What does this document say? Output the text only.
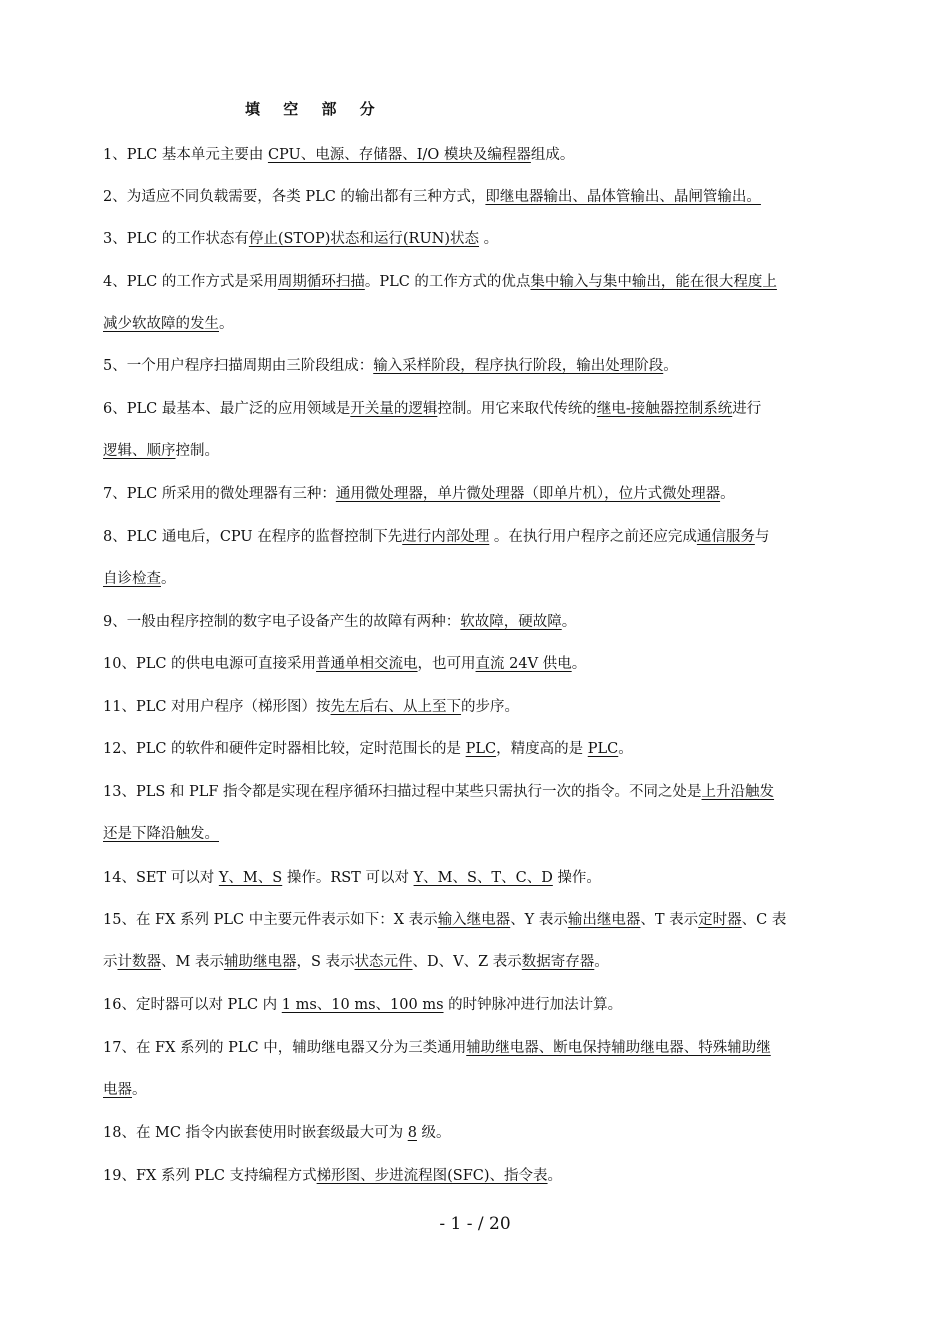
填 空 部 分
1、PLC 基本单元主要由 CPU、电源、存储器、I/O 模块及编程器组成。
2、为适应不同负载需要，各类 PLC 的输出都有三种方式，即继电器输出、晶体管输出、晶闸管输出。
3、PLC 的工作状态有停止(STOP)状态和运行(RUN)状态 。
4、PLC 的工作方式是采用周期循环扫描。PLC 的工作方式的优点集中输入与集中输出，能在很大程度上
减少软故障的发生。
5、一个用户程序扫描周期由三阶段组成：输入采样阶段，程序执行阶段，输出处理阶段。
6、PLC 最基本、最广泛的应用领域是开关量的逻辑控制。用它来取代传统的继电-接触器控制系统进行
逻辑、顺序控制。
7、PLC 所采用的微处理器有三种：通用微处理器，单片微处理器（即单片机），位片式微处理器。
8、PLC 通电后，CPU 在程序的监督控制下先进行内部处理 。在执行用户程序之前还应完成通信服务与
自诊检查。
9、一般由程序控制的数字电子设备产生的故障有两种：软故障，硬故障。
10、PLC 的供电电源可直接采用普通单相交流电，也可用直流 24V 供电。
11、PLC 对用户程序（梯形图）按先左后右、从上至下的步序。
12、PLC 的软件和硬件定时器相比较，定时范围长的是 PLC，精度高的是 PLC。
13、PLS 和 PLF 指令都是实现在程序循环扫描过程中某些只需执行一次的指令。不同之处是上升沿触发
还是下降沿触发。
14、SET 可以对 Y、M、S 操作。RST 可以对 Y、M、S、T、C、D 操作。
15、在 FX 系列 PLC 中主要元件表示如下：X 表示输入继电器、Y 表示输出继电器、T 表示定时器、C 表
示计数器、M 表示辅助继电器，S 表示状态元件、D、V、Z 表示数据寄存器。
16、定时器可以对 PLC 内 1 ms、10 ms、100 ms 的时钟脉冲进行加法计算。
17、在 FX 系列的 PLC 中，辅助继电器又分为三类通用辅助继电器、断电保持辅助继电器、特殊辅助继
电器。
18、在 MC 指令内嵌套使用时嵌套级最大可为 8 级。
19、FX 系列 PLC 支持编程方式梯形图、步进流程图(SFC)、指令表。
- 1 - / 20
